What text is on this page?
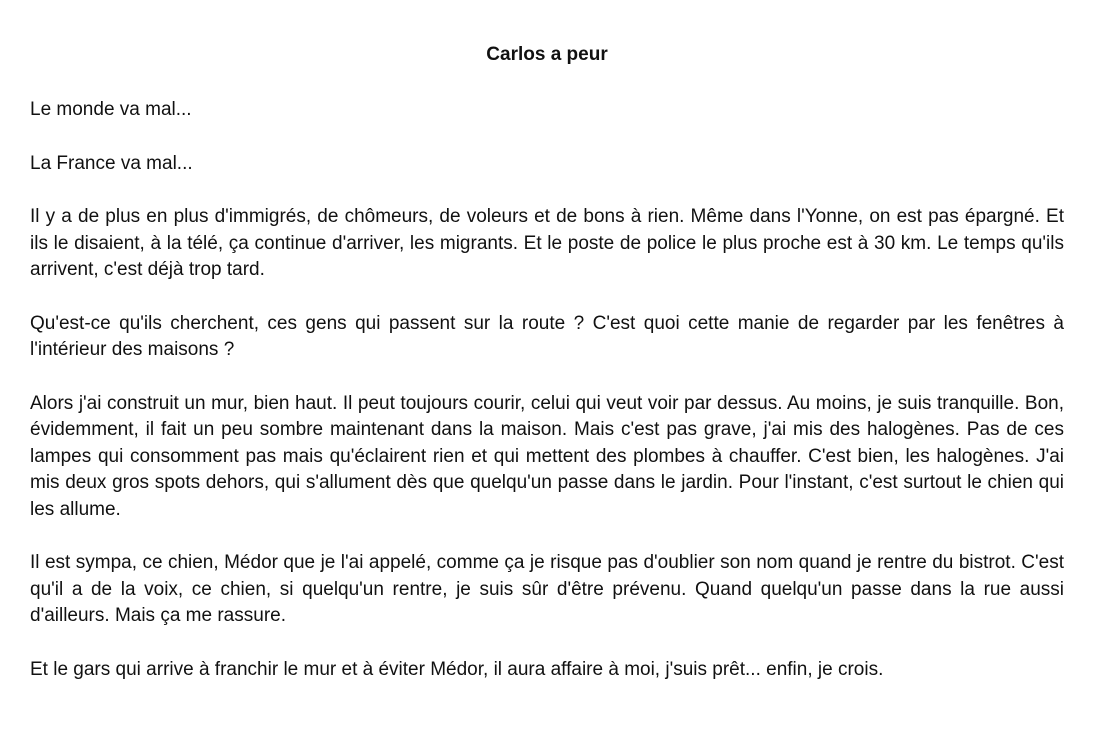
Carlos a peur

Le monde va mal...

La France va mal...

Il y a de plus en plus d'immigrés, de chômeurs, de voleurs et de bons à rien. Même dans l'Yonne, on est pas épargné. Et ils le disaient, à la télé, ça continue d'arriver, les migrants. Et le poste de police le plus proche est à 30 km. Le temps qu'ils arrivent, c'est déjà trop tard.

Qu'est-ce qu'ils cherchent, ces gens qui passent sur la route ? C'est quoi cette manie de regarder par les fenêtres à l'intérieur des maisons ?

Alors j'ai construit un mur, bien haut. Il peut toujours courir, celui qui veut voir par dessus. Au moins, je suis tranquille. Bon, évidemment, il fait un peu sombre maintenant dans la maison. Mais c'est pas grave, j'ai mis des halogènes. Pas de ces lampes qui consomment pas mais qu'éclairent rien et qui mettent des plombes à chauffer. C'est bien, les halogènes. J'ai mis deux gros spots dehors, qui s'allument dès que quelqu'un passe dans le jardin. Pour l'instant, c'est surtout le chien qui les allume.

Il est sympa, ce chien, Médor que je l'ai appelé, comme ça je risque pas d'oublier son nom quand je rentre du bistrot. C'est qu'il a de la voix, ce chien, si quelqu'un rentre, je suis sûr d'être prévenu. Quand quelqu'un passe dans la rue aussi d'ailleurs. Mais ça me rassure.

Et le gars qui arrive à franchir le mur et à éviter Médor, il aura affaire à moi, j'suis prêt... enfin, je crois.
